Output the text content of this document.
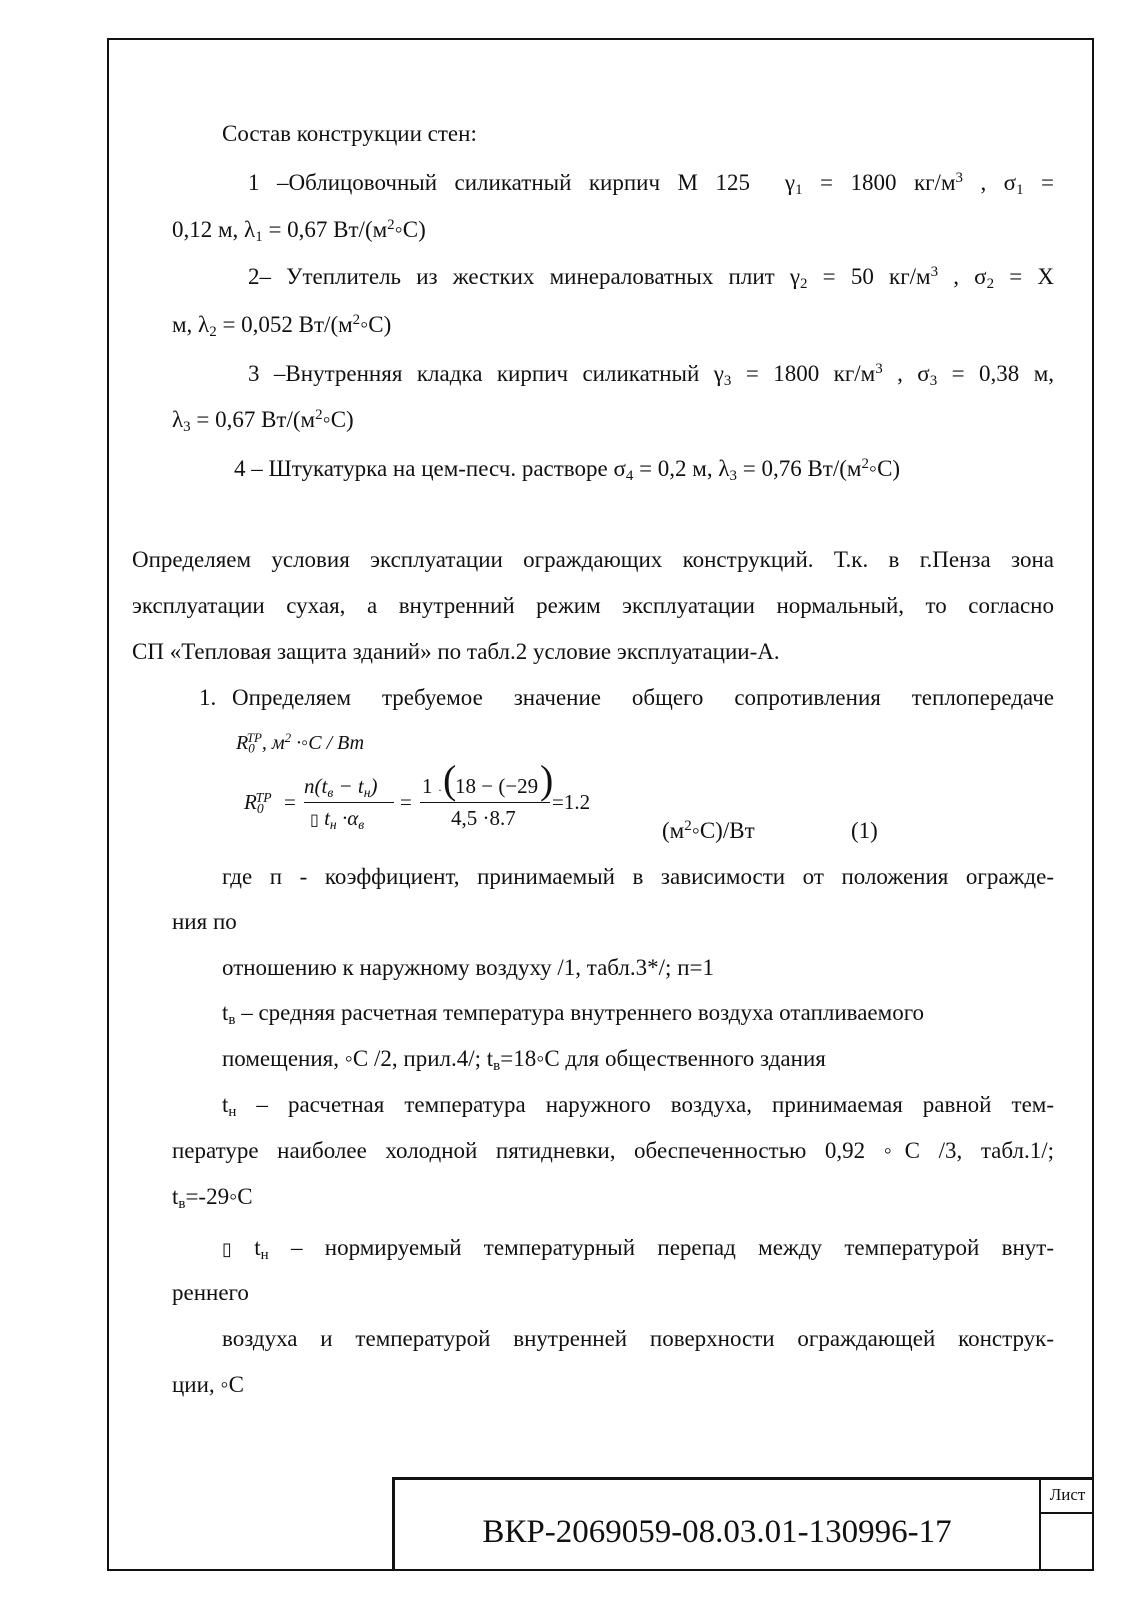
Состав конструкции стен:
1 –Облицовочный силикатный кирпич М 125 $\gamma_1 = 1800$ $кг/м^3$ , $\sigma_1$ =
0,12 м, $\lambda_1 = 0,67$ $Вт/(м^2◦С)$
2– Утеплитель из жестких минераловатных плит $\gamma_2 = 50$ $кг/м^3$ , $\sigma_2 = Х$
м, $\lambda_2 = 0,052$ $Вт/(м^2◦С)$
3 –Внутренняя кладка кирпич силикатный $\gamma_3 = 1800$ $кг/м^3$ , $\sigma_3 = 0,38$ м,
$\lambda_3 = 0,67$ $Вт/(м^2◦С)$
4 – Штукатурка на цем-песч. растворе $\sigma_4 = 0,2$ м, $\lambda_3 = 0,76$ $Вт/(м^2◦С)$
Определяем условия эксплуатации ограждающих конструкций. Т.к. в г.Пенза зона
эксплуатации сухая, а внутренний режим эксплуатации нормальный, то согласно
СП «Тепловая защита зданий» по табл.2 условие эксплуатации-А.
1. Определяем требуемое значение общего сопротивления теплопередаче
$R_0^{ТР}$, $м^2$ ·◦С / Вт
$R_0^{ТР}$ =
$n(t_в - t_н)$
▯ $t_н \cdot\alpha_в$
=
1 · (
18 − (−29 )
4,5 ·8.7
=1.2
$(м^2◦С)/Вт$	(1)
где п - коэффициент, принимаемый в зависимости от положения огражде-
ния по
отношению к наружному воздуху /1, табл.3*/; п=1
$t_в$ – средняя расчетная температура внутреннего воздуха отапливаемого
помещения, ◦С /2, прил.4/; $t_в=18◦С$ для общественного здания
$t_н$ – расчетная температура наружного воздуха, принимаемая равной тем-
пературе наиболее холодной пятидневки, обеспеченностью 0,92 ◦С /3, табл.1/;
$t_в=-29◦С$
▯ $t_н$ – нормируемый температурный перепад между температурой внут-
реннего
воздуха и температурой внутренней поверхности ограждающей конструк-
ции, ◦С
ВКР-2069059-08.03.01-130996-17
Лист
